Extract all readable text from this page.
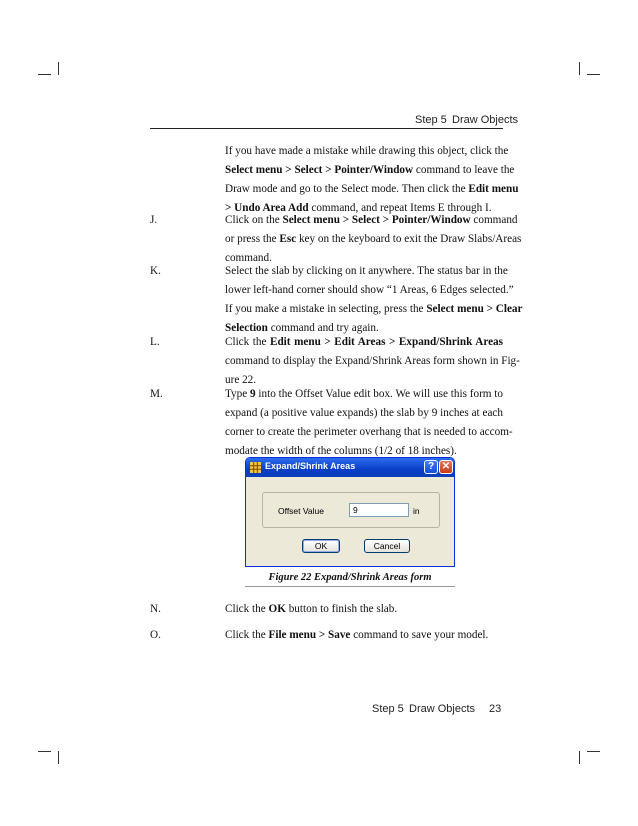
Step 5 Draw Objects
If you have made a mistake while drawing this object, click the
Select menu > Select > Pointer/Window command to leave the
Draw mode and go to the Select mode. Then click the Edit menu
> Undo Area Add command, and repeat Items E through I.
J.	Click on the Select menu > Select > Pointer/Window command
or press the Esc key on the keyboard to exit the Draw Slabs/Areas
command.
K.	Select the slab by clicking on it anywhere. The status bar in the
lower left-hand corner should show “1 Areas, 6 Edges selected.”
If you make a mistake in selecting, press the Select menu > Clear
Selection command and try again.
L.	Click the Edit menu > Edit Areas > Expand/Shrink Areas
command to display the Expand/Shrink Areas form shown in Fig-
ure 22.
M.	Type 9 into the Offset Value edit box. We will use this form to
expand (a positive value expands) the slab by 9 inches at each
corner to create the perimeter overhang that is needed to accom-
modate the width of the columns (1/2 of 18 inches).
N.	Click the OK button to finish the slab.
O.	Click the File menu > Save command to save your model.
Expand/Shrink Areas	? ✕
Offset Value	9	in
OK	Cancel
Figure 22 Expand/Shrink Areas form
Step 5 Draw Objects 23
